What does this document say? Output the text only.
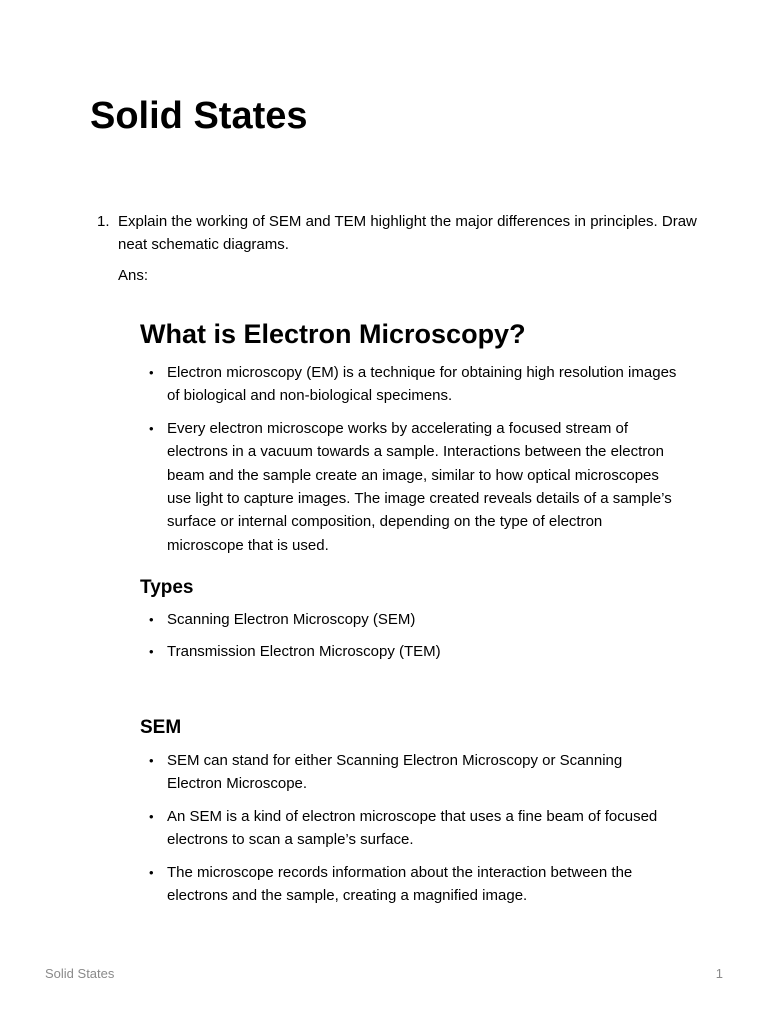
Solid States
1. Explain the working of SEM and TEM highlight the major differences in principles. Draw neat schematic diagrams.
Ans:
What is Electron Microscopy?
• Electron microscopy (EM) is a technique for obtaining high resolution images of biological and non-biological specimens.
• Every electron microscope works by accelerating a focused stream of electrons in a vacuum towards a sample. Interactions between the electron beam and the sample create an image, similar to how optical microscopes use light to capture images. The image created reveals details of a sample’s surface or internal composition, depending on the type of electron microscope that is used.
Types
• Scanning Electron Microscopy (SEM)
• Transmission Electron Microscopy (TEM)
SEM
• SEM can stand for either Scanning Electron Microscopy or Scanning Electron Microscope.
• An SEM is a kind of electron microscope that uses a fine beam of focused electrons to scan a sample’s surface.
• The microscope records information about the interaction between the electrons and the sample, creating a magnified image.
Solid States	1
